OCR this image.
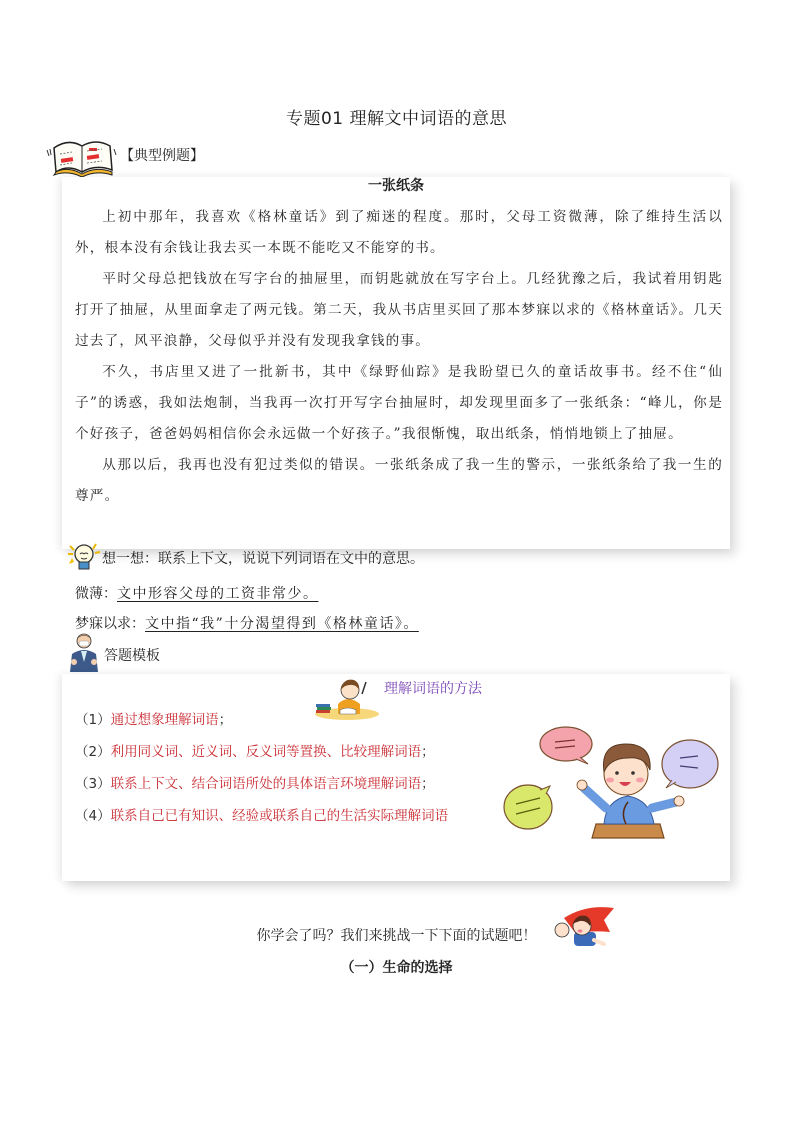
专题01 理解文中词语的意思
【典型例题】
一张纸条

上初中那年，我喜欢《格林童话》到了痴迷的程度。那时，父母工资微薄，除了维持生活以外，根本没有余钱让我去买一本既不能吃又不能穿的书。

平时父母总把钱放在写字台的抽屉里，而钥匙就放在写字台上。几经犹豫之后，我试着用钥匙打开了抽屉，从里面拿走了两元钱。第二天，我从书店里买回了那本梦寐以求的《格林童话》。几天过去了，风平浪静，父母似乎并没有发现我拿钱的事。

不久，书店里又进了一批新书，其中《绿野仙踪》是我盼望已久的童话故事书。经不住“仙子”的诱惑，我如法炮制，当我再一次打开写字台抽屉时，却发现里面多了一张纸条：“峰儿，你是个好孩子，爸爸妈妈相信你会永远做一个好孩子。”我很惭愧，取出纸条，悄悄地锁上了抽屉。

从那以后，我再也没有犯过类似的错误。一张纸条成了我一生的警示，一张纸条给了我一生的尊严。

想一想：联系上下文，说说下列词语在文中的意思。
微薄：文中形容父母的工资非常少。
梦寐以求：文中指“我”十分渴望得到《格林童话》。
答题模板
理解词语的方法
（1）通过想象理解词语；
（2）利用同义词、近义词、反义词等置换、比较理解词语；
（3）联系上下文、结合词语所处的具体语言环境理解词语；
（4）联系自己已有知识、经验或联系自己的生活实际理解词语
你学会了吗？我们来挑战一下下面的试题吧！
（一）生命的选择
